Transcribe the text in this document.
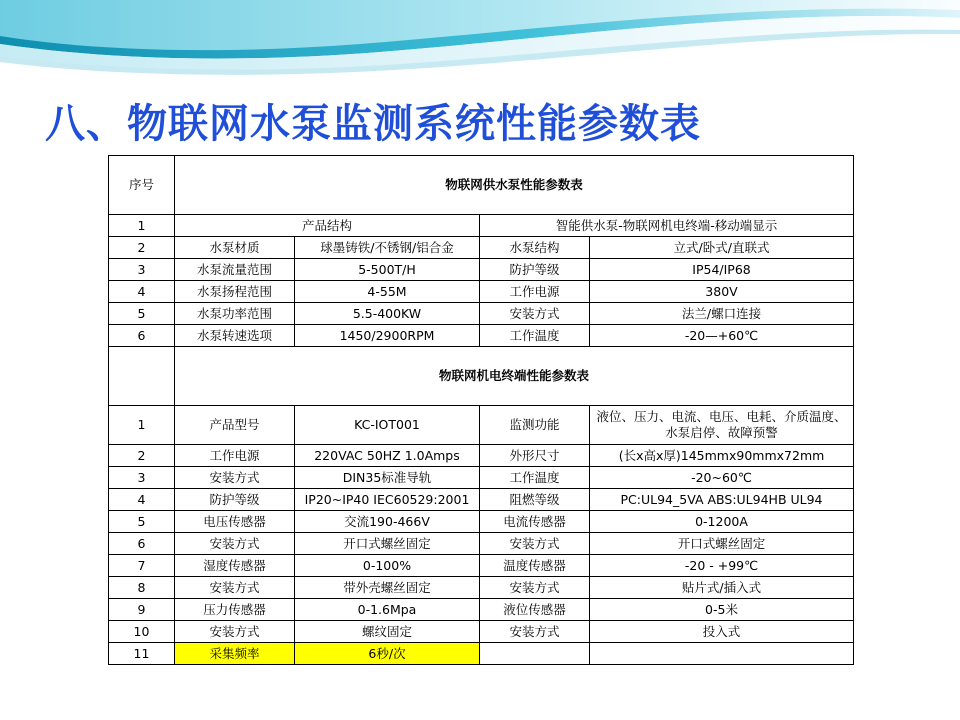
八、物联网水泵监测系统性能参数表
序号	物联网供水泵性能参数表			
1	产品结构		智能供水泵-物联网机电终端-移动端显示	
2	水泵材质	球墨铸铁/不锈钢/铝合金	水泵结构	立式/卧式/直联式
3	水泵流量范围	5-500T/H	防护等级	IP54/IP68
4	水泵扬程范围	4-55M	工作电源	380V
5	水泵功率范围	5.5-400KW	安装方式	法兰/螺口连接
6	水泵转速选项	1450/2900RPM	工作温度	-20—+60℃
	物联网机电终端性能参数表			
1	产品型号	KC-IOT001	监测功能	液位、压力、电流、电压、电耗、介质温度、水泵启停、故障预警
2	工作电源	220VAC 50HZ 1.0Amps	外形尺寸	(长x高x厚)145mmx90mmx72mm
3	安装方式	DIN35标准导轨	工作温度	-20~60℃
4	防护等级	IP20~IP40 IEC60529:2001	阻燃等级	PC:UL94_5VA ABS:UL94HB UL94
5	电压传感器	交流190-466V	电流传感器	0-1200A
6	安装方式	开口式螺丝固定	安装方式	开口式螺丝固定
7	湿度传感器	0-100%	温度传感器	-20 - +99℃
8	安装方式	带外壳螺丝固定	安装方式	贴片式/插入式
9	压力传感器	0-1.6Mpa	液位传感器	0-5米
10	安装方式	螺纹固定	安装方式	投入式
11	采集频率	6秒/次		
